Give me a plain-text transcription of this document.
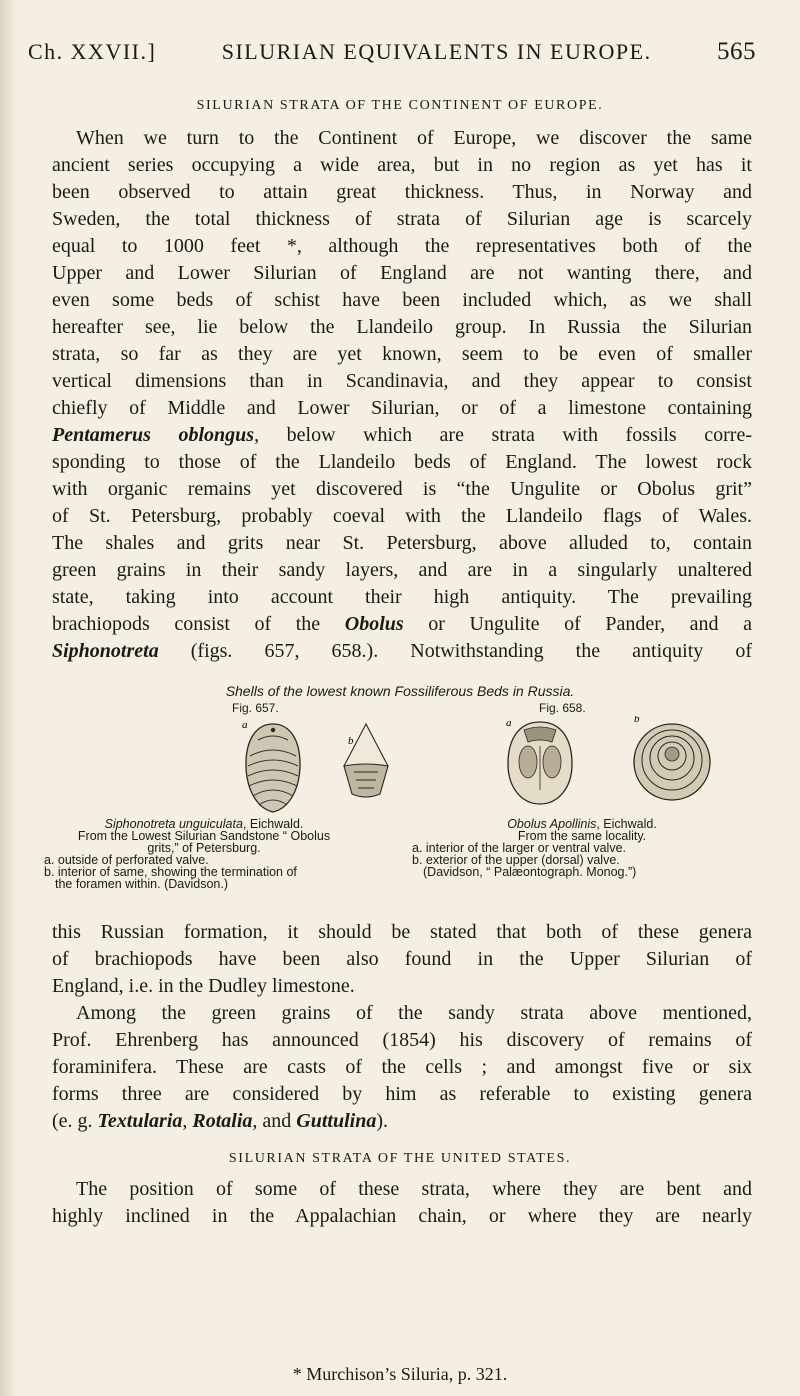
Ch. XXVII.]	SILURIAN EQUIVALENTS IN EUROPE.	565
SILURIAN STRATA OF THE CONTINENT OF EUROPE.
When we turn to the Continent of Europe, we discover the same
ancient series occupying a wide area, but in no region as yet has it
been observed to attain great thickness. Thus, in Norway and
Sweden, the total thickness of strata of Silurian age is scarcely
equal to 1000 feet *, although the representatives both of the
Upper and Lower Silurian of England are not wanting there, and
even some beds of schist have been included which, as we shall
hereafter see, lie below the Llandeilo group. In Russia the Silurian
strata, so far as they are yet known, seem to be even of smaller
vertical dimensions than in Scandinavia, and they appear to consist
chiefly of Middle and Lower Silurian, or of a limestone containing
Pentamerus oblongus, below which are strata with fossils corre-
sponding to those of the Llandeilo beds of England. The lowest rock
with organic remains yet discovered is “the Ungulite or Obolus grit”
of St. Petersburg, probably coeval with the Llandeilo flags of Wales.
The shales and grits near St. Petersburg, above alluded to, contain
green grains in their sandy layers, and are in a singularly unaltered
state, taking into account their high antiquity. The prevailing
brachiopods consist of the Obolus or Ungulite of Pander, and a
Siphonotreta (figs. 657, 658.). Notwithstanding the antiquity of
Shells of the lowest known Fossiliferous Beds in Russia.
Fig. 657.	Fig. 658.
a
b
a	b
Siphonotreta unguiculata, Eichwald.
From the Lowest Silurian Sandstone “ Obolus
grits,” of Petersburg.
a. outside of perforated valve.
b. interior of same, showing the termination of
the foramen within. (Davidson.)
Obolus Apollinis, Eichwald.
From the same locality.
a. interior of the larger or ventral valve.
b. exterior of the upper (dorsal) valve.
(Davidson, “ Palæontograph. Monog.”)
this Russian formation, it should be stated that both of these genera
of brachiopods have been also found in the Upper Silurian of
England, i.e. in the Dudley limestone.
Among the green grains of the sandy strata above mentioned,
Prof. Ehrenberg has announced (1854) his discovery of remains of
foraminifera. These are casts of the cells ; and amongst five or six
forms three are considered by him as referable to existing genera
(e. g. Textularia, Rotalia, and Guttulina).
SILURIAN STRATA OF THE UNITED STATES.
The position of some of these strata, where they are bent and
highly inclined in the Appalachian chain, or where they are nearly
* Murchison’s Siluria, p. 321.
